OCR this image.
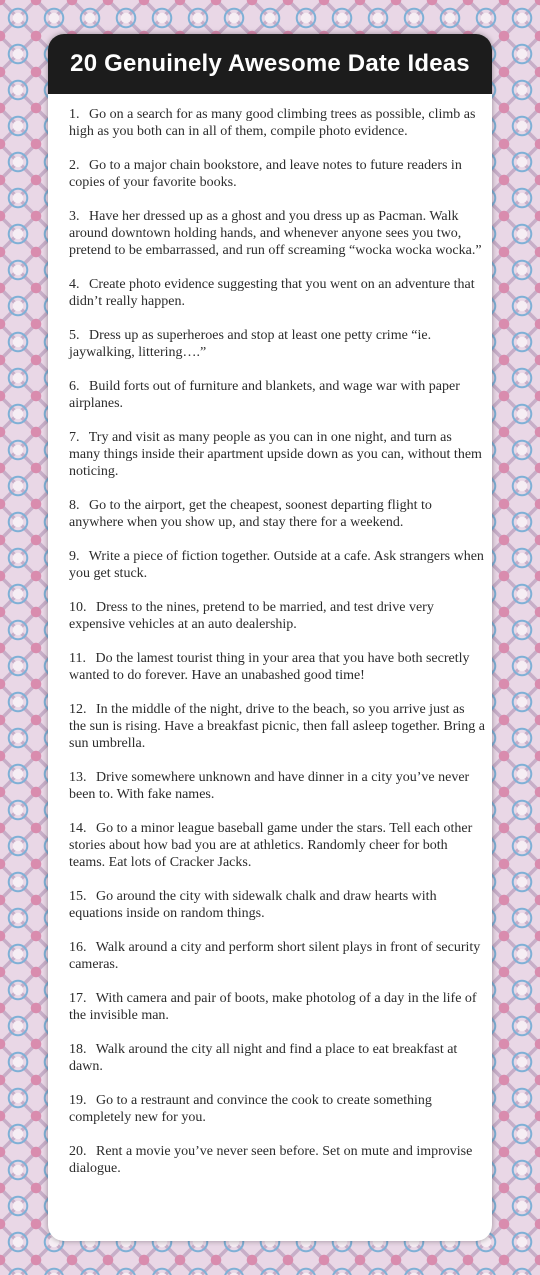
20 Genuinely Awesome Date Ideas
1. Go on a search for as many good climbing trees as possible, climb as high as you both can in all of them, compile photo evidence.
2. Go to a major chain bookstore, and leave notes to future readers in copies of your favorite books.
3. Have her dressed up as a ghost and you dress up as Pacman. Walk around downtown holding hands, and whenever anyone sees you two, pretend to be embarrassed, and run off screaming “wocka wocka wocka.”
4. Create photo evidence suggesting that you went on an adventure that didn’t really happen.
5. Dress up as superheroes and stop at least one petty crime “ie. jaywalking, littering….”
6. Build forts out of furniture and blankets, and wage war with paper airplanes.
7. Try and visit as many people as you can in one night, and turn as many things inside their apartment upside down as you can, without them noticing.
8. Go to the airport, get the cheapest, soonest departing flight to anywhere when you show up, and stay there for a weekend.
9. Write a piece of fiction together. Outside at a cafe. Ask strangers when you get stuck.
10. Dress to the nines, pretend to be married, and test drive very expensive vehicles at an auto dealership.
11. Do the lamest tourist thing in your area that you have both secretly wanted to do forever. Have an unabashed good time!
12. In the middle of the night, drive to the beach, so you arrive just as the sun is rising. Have a breakfast picnic, then fall asleep together. Bring a sun umbrella.
13. Drive somewhere unknown and have dinner in a city you’ve never been to. With fake names.
14. Go to a minor league baseball game under the stars. Tell each other stories about how bad you are at athletics. Randomly cheer for both teams. Eat lots of Cracker Jacks.
15. Go around the city with sidewalk chalk and draw hearts with equations inside on random things.
16. Walk around a city and perform short silent plays in front of security cameras.
17. With camera and pair of boots, make photolog of a day in the life of the invisible man.
18. Walk around the city all night and find a place to eat breakfast at dawn.
19. Go to a restraunt and convince the cook to create something completely new for you.
20. Rent a movie you’ve never seen before. Set on mute and improvise dialogue.
